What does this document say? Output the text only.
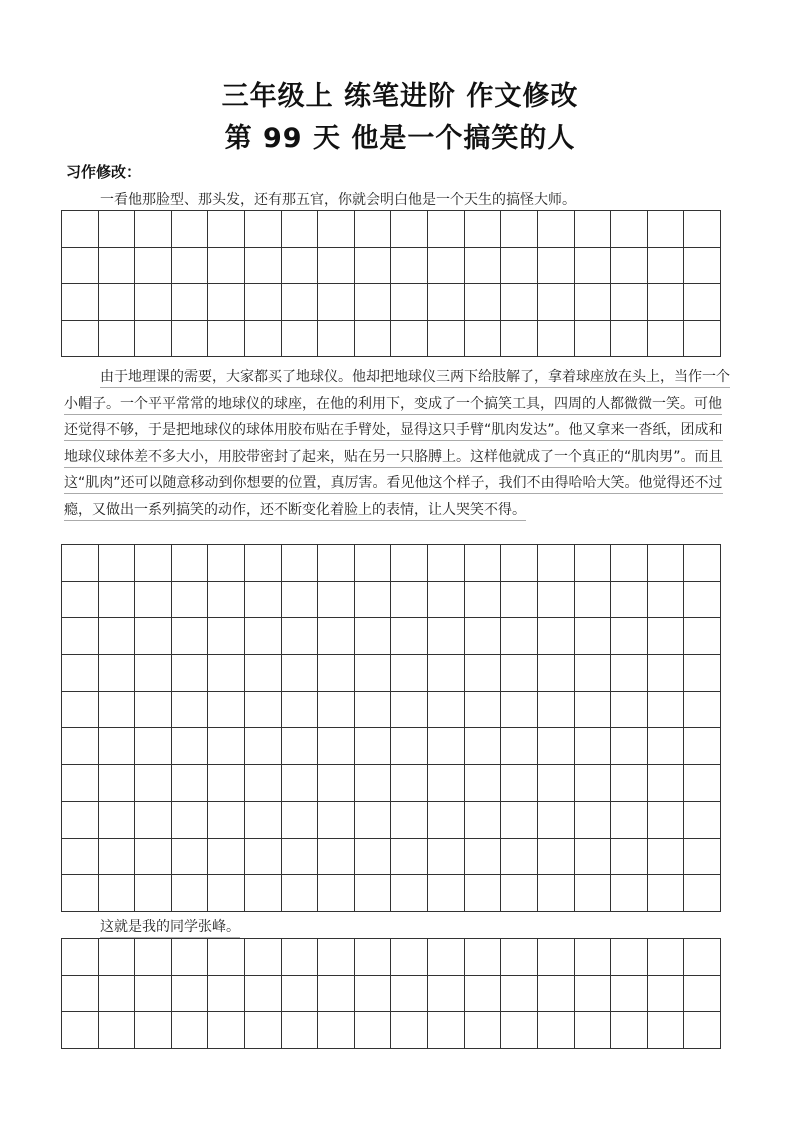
三年级上 练笔进阶 作文修改
第 99 天 他是一个搞笑的人
习作修改：

一看他那脸型、那头发，还有那五官，你就会明白他是一个天生的搞怪大师。

由于地理课的需要，大家都买了地球仪。他却把地球仪三两下给肢解了，拿着球座放在头上，当作一个小帽子。一个平平常常的地球仪的球座，在他的利用下，变成了一个搞笑工具，四周的人都微微一笑。可他还觉得不够，于是把地球仪的球体用胶布贴在手臂处，显得这只手臂“肌肉发达”。他又拿来一沓纸，团成和地球仪球体差不多大小，用胶带密封了起来，贴在另一只胳膊上。这样他就成了一个真正的“肌肉男”。而且这“肌肉”还可以随意移动到你想要的位置，真厉害。看见他这个样子，我们不由得哈哈大笑。他觉得还不过瘾，又做出一系列搞笑的动作，还不断变化着脸上的表情，让人哭笑不得。

这就是我的同学张峰。
